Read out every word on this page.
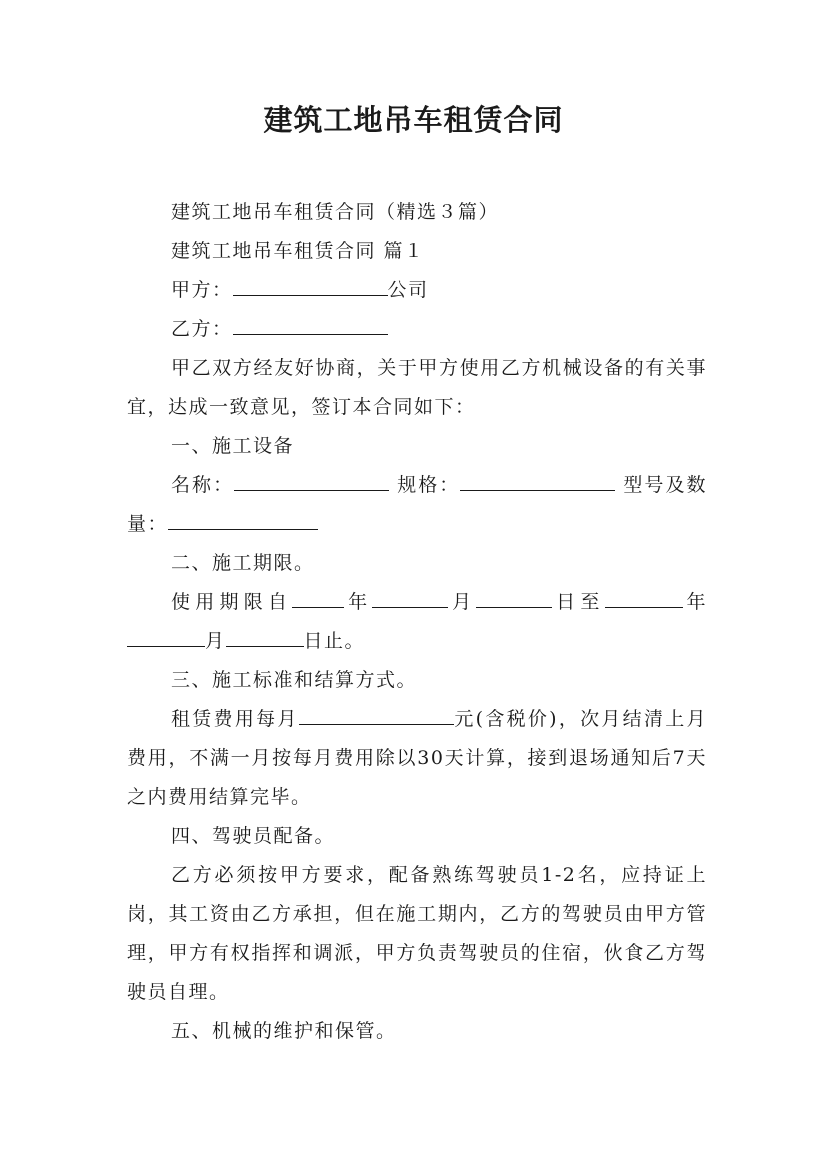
建筑工地吊车租赁合同

建筑工地吊车租赁合同（精选３篇）

建筑工地吊车租赁合同 篇１

甲方：	公司

乙方：

甲乙双方经友好协商，关于甲方使用乙方机械设备的有关事宜，达成一致意见，签订本合同如下：

一、施工设备

名称：	规格：	型号及数量：

二、施工期限。

使用期限自	年	月	日至	年月	日止。

三、施工标准和结算方式。

租赁费用每月	元(含税价)，次月结清上月费用，不满一月按每月费用除以30天计算，接到退场通知后7天之内费用结算完毕。

四、驾驶员配备。

乙方必须按甲方要求，配备熟练驾驶员1-2名，应持证上岗，其工资由乙方承担，但在施工期内，乙方的驾驶员由甲方管理，甲方有权指挥和调派，甲方负责驾驶员的住宿，伙食乙方驾驶员自理。

五、机械的维护和保管。
